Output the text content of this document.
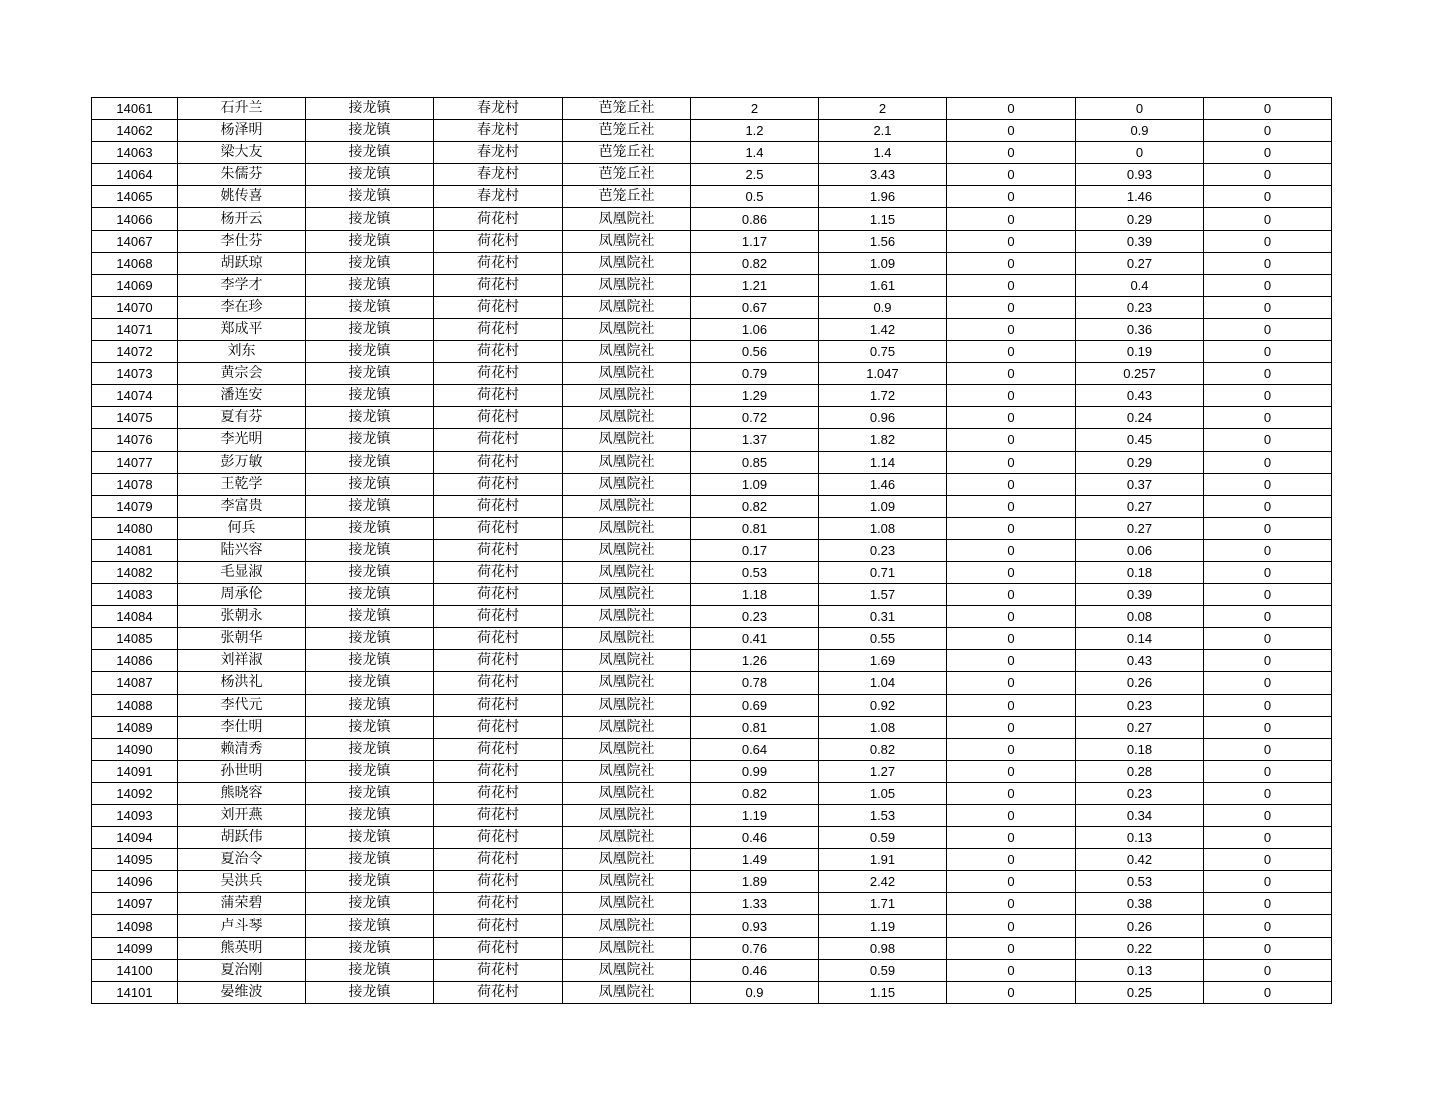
14061	石升兰	接龙镇	春龙村	芭笼丘社	2	2	0	0	0
14062	杨泽明	接龙镇	春龙村	芭笼丘社	1.2	2.1	0	0.9	0
14063	梁大友	接龙镇	春龙村	芭笼丘社	1.4	1.4	0	0	0
14064	朱儒芬	接龙镇	春龙村	芭笼丘社	2.5	3.43	0	0.93	0
14065	姚传喜	接龙镇	春龙村	芭笼丘社	0.5	1.96	0	1.46	0
14066	杨开云	接龙镇	荷花村	凤凰院社	0.86	1.15	0	0.29	0
14067	李仕芬	接龙镇	荷花村	凤凰院社	1.17	1.56	0	0.39	0
14068	胡跃琼	接龙镇	荷花村	凤凰院社	0.82	1.09	0	0.27	0
14069	李学才	接龙镇	荷花村	凤凰院社	1.21	1.61	0	0.4	0
14070	李在珍	接龙镇	荷花村	凤凰院社	0.67	0.9	0	0.23	0
14071	郑成平	接龙镇	荷花村	凤凰院社	1.06	1.42	0	0.36	0
14072	刘东	接龙镇	荷花村	凤凰院社	0.56	0.75	0	0.19	0
14073	黄宗会	接龙镇	荷花村	凤凰院社	0.79	1.047	0	0.257	0
14074	潘连安	接龙镇	荷花村	凤凰院社	1.29	1.72	0	0.43	0
14075	夏有芬	接龙镇	荷花村	凤凰院社	0.72	0.96	0	0.24	0
14076	李光明	接龙镇	荷花村	凤凰院社	1.37	1.82	0	0.45	0
14077	彭万敏	接龙镇	荷花村	凤凰院社	0.85	1.14	0	0.29	0
14078	王乾学	接龙镇	荷花村	凤凰院社	1.09	1.46	0	0.37	0
14079	李富贵	接龙镇	荷花村	凤凰院社	0.82	1.09	0	0.27	0
14080	何兵	接龙镇	荷花村	凤凰院社	0.81	1.08	0	0.27	0
14081	陆兴容	接龙镇	荷花村	凤凰院社	0.17	0.23	0	0.06	0
14082	毛显淑	接龙镇	荷花村	凤凰院社	0.53	0.71	0	0.18	0
14083	周承伦	接龙镇	荷花村	凤凰院社	1.18	1.57	0	0.39	0
14084	张朝永	接龙镇	荷花村	凤凰院社	0.23	0.31	0	0.08	0
14085	张朝华	接龙镇	荷花村	凤凰院社	0.41	0.55	0	0.14	0
14086	刘祥淑	接龙镇	荷花村	凤凰院社	1.26	1.69	0	0.43	0
14087	杨洪礼	接龙镇	荷花村	凤凰院社	0.78	1.04	0	0.26	0
14088	李代元	接龙镇	荷花村	凤凰院社	0.69	0.92	0	0.23	0
14089	李仕明	接龙镇	荷花村	凤凰院社	0.81	1.08	0	0.27	0
14090	赖清秀	接龙镇	荷花村	凤凰院社	0.64	0.82	0	0.18	0
14091	孙世明	接龙镇	荷花村	凤凰院社	0.99	1.27	0	0.28	0
14092	熊晓容	接龙镇	荷花村	凤凰院社	0.82	1.05	0	0.23	0
14093	刘开燕	接龙镇	荷花村	凤凰院社	1.19	1.53	0	0.34	0
14094	胡跃伟	接龙镇	荷花村	凤凰院社	0.46	0.59	0	0.13	0
14095	夏治令	接龙镇	荷花村	凤凰院社	1.49	1.91	0	0.42	0
14096	吴洪兵	接龙镇	荷花村	凤凰院社	1.89	2.42	0	0.53	0
14097	蒲荣碧	接龙镇	荷花村	凤凰院社	1.33	1.71	0	0.38	0
14098	卢斗琴	接龙镇	荷花村	凤凰院社	0.93	1.19	0	0.26	0
14099	熊英明	接龙镇	荷花村	凤凰院社	0.76	0.98	0	0.22	0
14100	夏治刚	接龙镇	荷花村	凤凰院社	0.46	0.59	0	0.13	0
14101	晏维波	接龙镇	荷花村	凤凰院社	0.9	1.15	0	0.25	0
